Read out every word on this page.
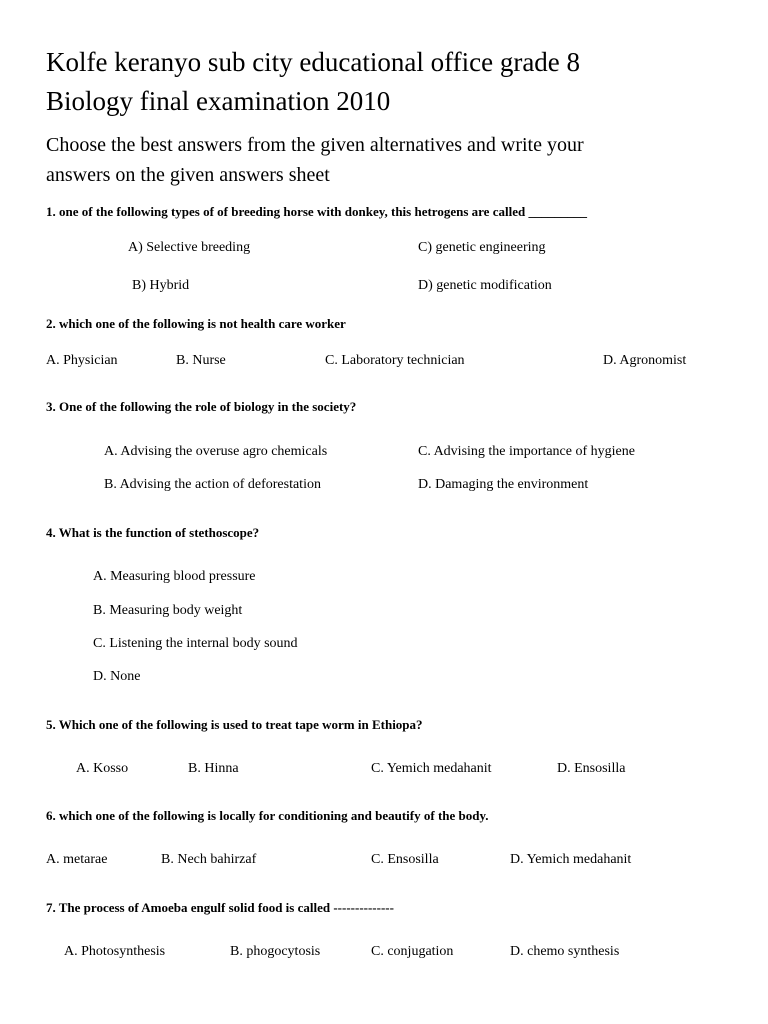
Kolfe keranyo sub city educational office grade 8
Biology final examination 2010
Choose the best answers from the given alternatives and write your
answers on the given answers sheet
1. one of the following types of of breeding horse with donkey, this hetrogens are called _________
A) Selective breeding	C) genetic engineering
B) Hybrid	D) genetic modification
2. which one of the following is not health care worker
A. Physician	B. Nurse	C. Laboratory technician	D. Agronomist
3. One of the following the role of biology in the society?
A. Advising the overuse agro chemicals	C. Advising the importance of hygiene
B. Advising the action of deforestation	D. Damaging the environment
4. What is the function of stethoscope?
A. Measuring blood pressure
B. Measuring body weight
C. Listening the internal body sound
D. None
5. Which one of the following is used to treat tape worm in Ethiopa?
A. Kosso	B. Hinna	C. Yemich medahanit	D. Ensosilla
6. which one of the following is locally for conditioning and beautify of the body.
A. metarae	B. Nech bahirzaf	C. Ensosilla	D. Yemich medahanit
7. The process of Amoeba engulf solid food is called --------------
A. Photosynthesis	B. phogocytosis	C. conjugation	D. chemo synthesis
